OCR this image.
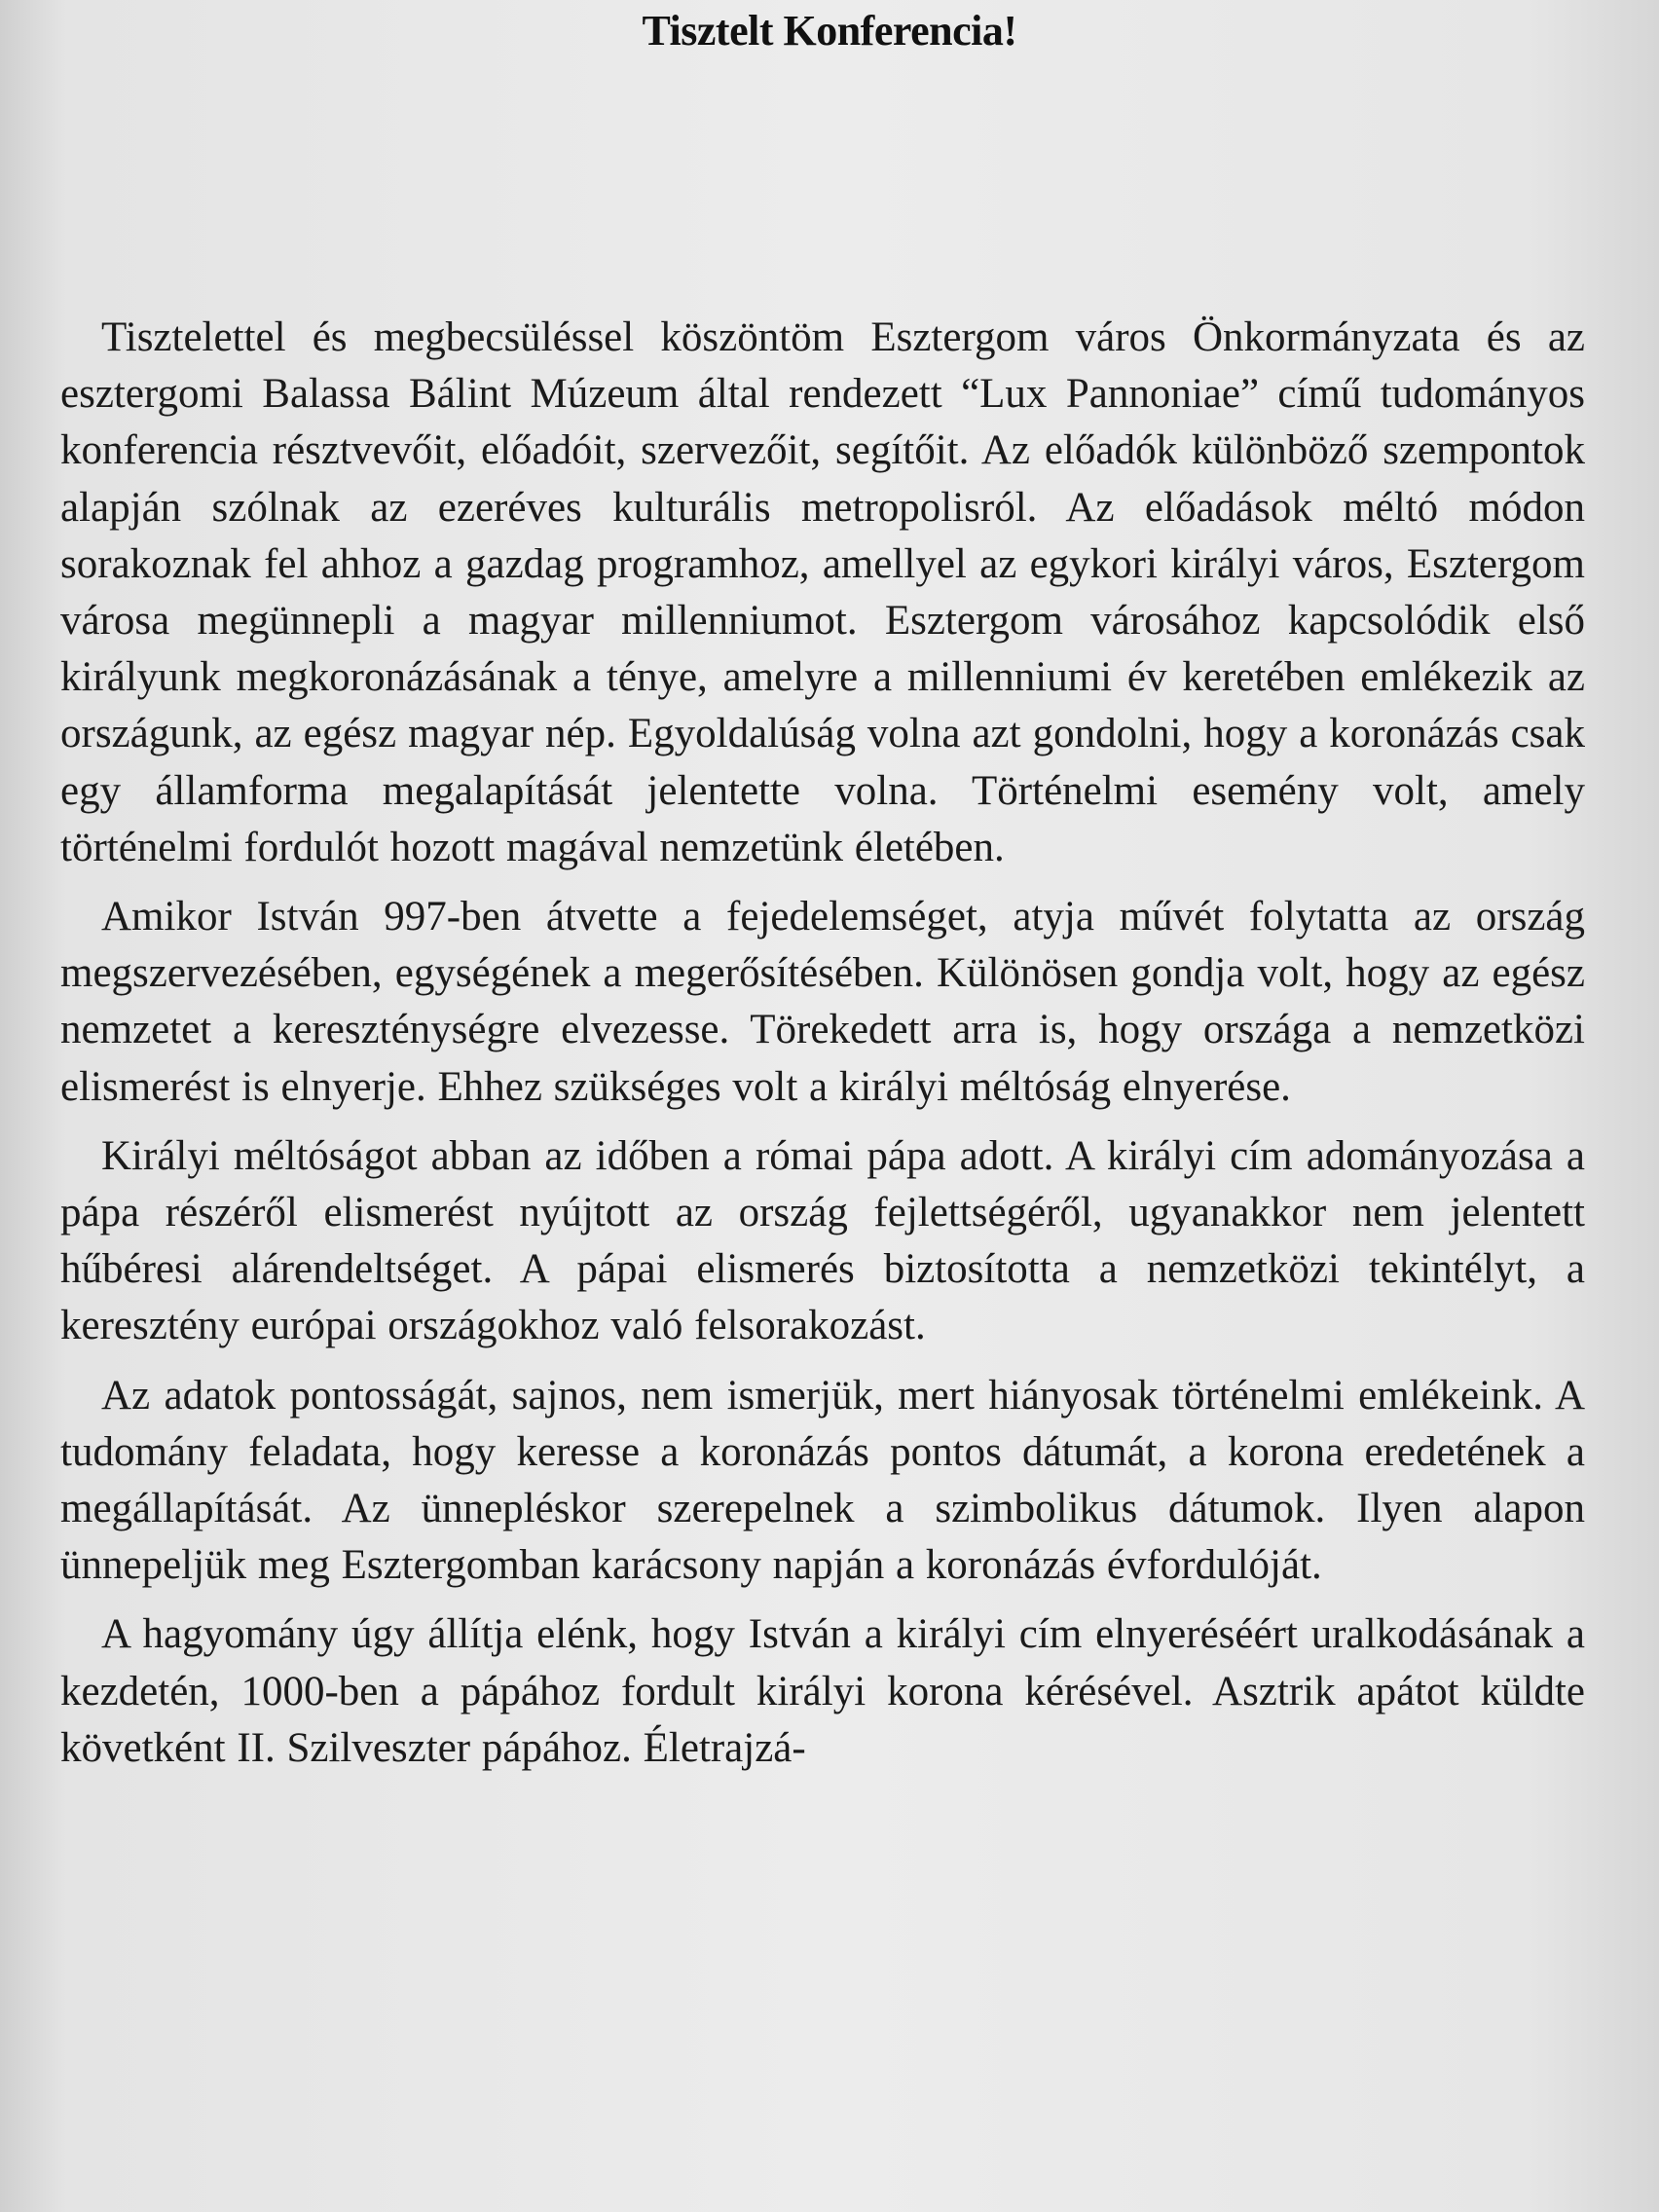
Tisztelt Konferencia!

Tisztelettel és megbecsüléssel köszöntöm Esztergom város Önkormányzata és az esztergomi Balassa Bálint Múzeum által rendezett “Lux Pannoniae” című tudományos konferencia résztvevőit, előadóit, szervezőit, segítőit. Az előadók különböző szempontok alapján szólnak az ezeréves kulturális metropolisról. Az előadások méltó módon sorakoznak fel ahhoz a gazdag programhoz, amellyel az egykori királyi város, Esztergom városa megünnepli a magyar millenniumot. Esztergom városához kapcsolódik első királyunk megkoronázásának a ténye, amelyre a millenniumi év keretében emlékezik az országunk, az egész magyar nép. Egyoldalúság volna azt gondolni, hogy a koronázás csak egy államforma megalapítását jelentette volna. Történelmi esemény volt, amely történelmi fordulót hozott magával nemzetünk életében.

Amikor István 997-ben átvette a fejedelemséget, atyja művét folytatta az ország megszervezésében, egységének a megerősítésében. Különösen gondja volt, hogy az egész nemzetet a kereszténységre elvezesse. Törekedett arra is, hogy országa a nemzetközi elismerést is elnyerje. Ehhez szükséges volt a királyi méltóság elnyerése.

Királyi méltóságot abban az időben a római pápa adott. A királyi cím adományozása a pápa részéről elismerést nyújtott az ország fejlettségéről, ugyanakkor nem jelentett hűbéresi alárendeltséget. A pápai elismerés biztosította a nemzetközi tekintélyt, a keresztény európai országokhoz való felsorakozást.

Az adatok pontosságát, sajnos, nem ismerjük, mert hiányosak történelmi emlékeink. A tudomány feladata, hogy keresse a koronázás pontos dátumát, a korona eredetének a megállapítását. Az ünnepléskor szerepelnek a szimbolikus dátumok. Ilyen alapon ünnepeljük meg Esztergomban karácsony napján a koronázás évfordulóját.

A hagyomány úgy állítja elénk, hogy István a királyi cím elnyeréséért uralkodásának a kezdetén, 1000-ben a pápához fordult királyi korona kérésével. Asztrik apátot küldte követként II. Szilveszter pápához. Életrajzá-
